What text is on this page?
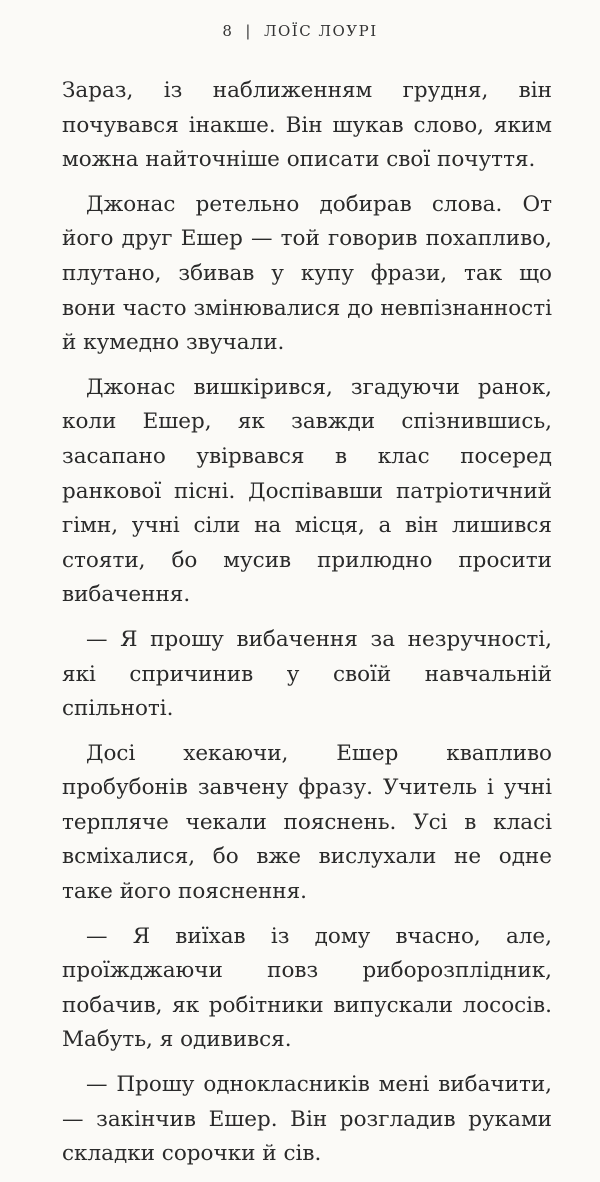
8 | ЛОЇС ЛОУРІ

Зараз, із наближенням грудня, він почувався інакше. Він шукав слово, яким можна найточніше описати свої почуття.

Джонас ретельно добирав слова. От його друг Ешер — той говорив похапливо, плутано, збивав у купу фрази, так що вони часто змінювалися до невпізнанності й кумедно звучали.

Джонас вишкірився, згадуючи ранок, коли Ешер, як завжди спізнившись, засапано увірвався в клас посеред ранкової пісні. Доспівавши патріотичний гімн, учні сіли на місця, а він лишився стояти, бо мусив прилюдно просити вибачення.

— Я прошу вибачення за незручності, які спричинив у своїй навчальній спільноті.

Досі хекаючи, Ешер квапливо пробубонів завчену фразу. Учитель і учні терпляче чекали пояснень. Усі в класі всміхалися, бо вже вислухали не одне таке його пояснення.

— Я виїхав із дому вчасно, але, проїжджаючи повз риборозплідник, побачив, як робітники випускали лососів. Мабуть, я одивився.

— Прошу однокласників мені вибачити, — закінчив Ешер. Він розгладив руками складки сорочки й сів.
